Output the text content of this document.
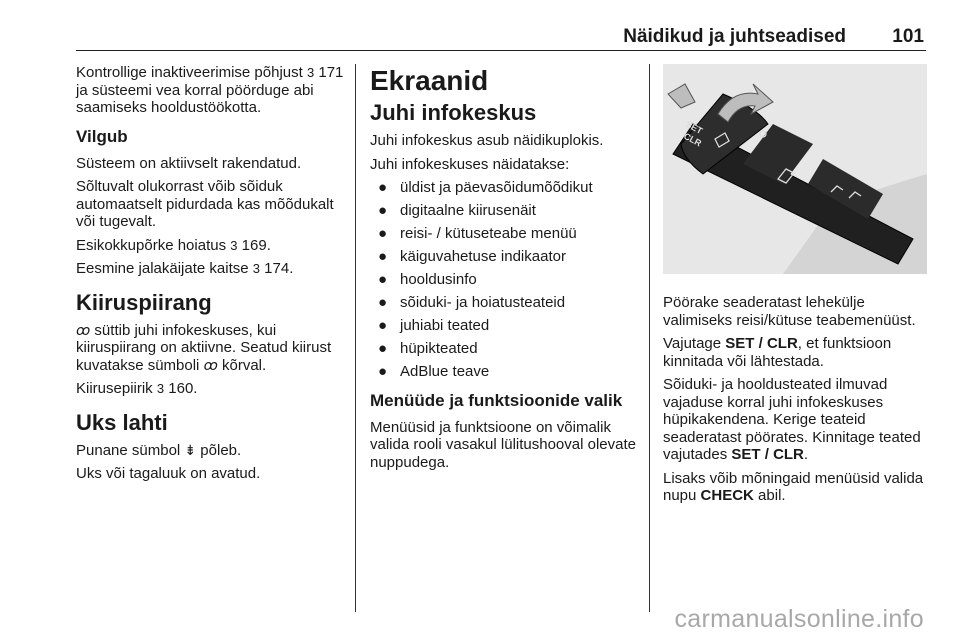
Näidikud ja juhtseadised 101

Kontrollige inaktiveerimise põhjust 3 171 ja süsteemi vea korral pöörduge abi saamiseks hooldustöökotta.

Vilgub

Süsteem on aktiivselt rakendatud.

Sõltuvalt olukorrast võib sõiduk automaatselt pidurdada kas mõõdukalt või tugevalt.

Esikokkupõrke hoiatus 3 169.

Eesmine jalakäijate kaitse 3 174.

Kiiruspiirang

ꝏ süttib juhi infokeskuses, kui kiiruspiirang on aktiivne. Seatud kiirust kuvatakse sümboli ꝏ kõrval.

Kiirusepiirik 3 160.

Uks lahti

Punane sümbol ⇟ põleb.

Uks või tagaluuk on avatud.

Ekraanid
Juhi infokeskus

Juhi infokeskus asub näidikuplokis.

Juhi infokeskuses näidatakse:

● üldist ja päevasõidumõõdikut
● digitaalne kiirusenäit
● reisi- / kütuseteabe menüü
● käiguvahetuse indikaator
● hooldusinfo
● sõiduki- ja hoiatusteateid
● juhiabi teated
● hüpikteated
● AdBlue teave
Menüüde ja funktsioonide valik

Menüüsid ja funktsioone on võimalik valida rooli vasakul lülitushooval olevate nuppudega.

SET
CLR

Pöörake seaderatast lehekülje valimiseks reisi/kütuse teabemenüüst.

Vajutage SET / CLR, et funktsioon kinnitada või lähtestada.

Sõiduki- ja hooldusteated ilmuvad vajaduse korral juhi infokeskuses hüpikakendena. Kerige teateid seaderatast pöörates. Kinnitage teated vajutades SET / CLR.

Lisaks võib mõningaid menüüsid valida nupu CHECK abil.

carmanualsonline.info
